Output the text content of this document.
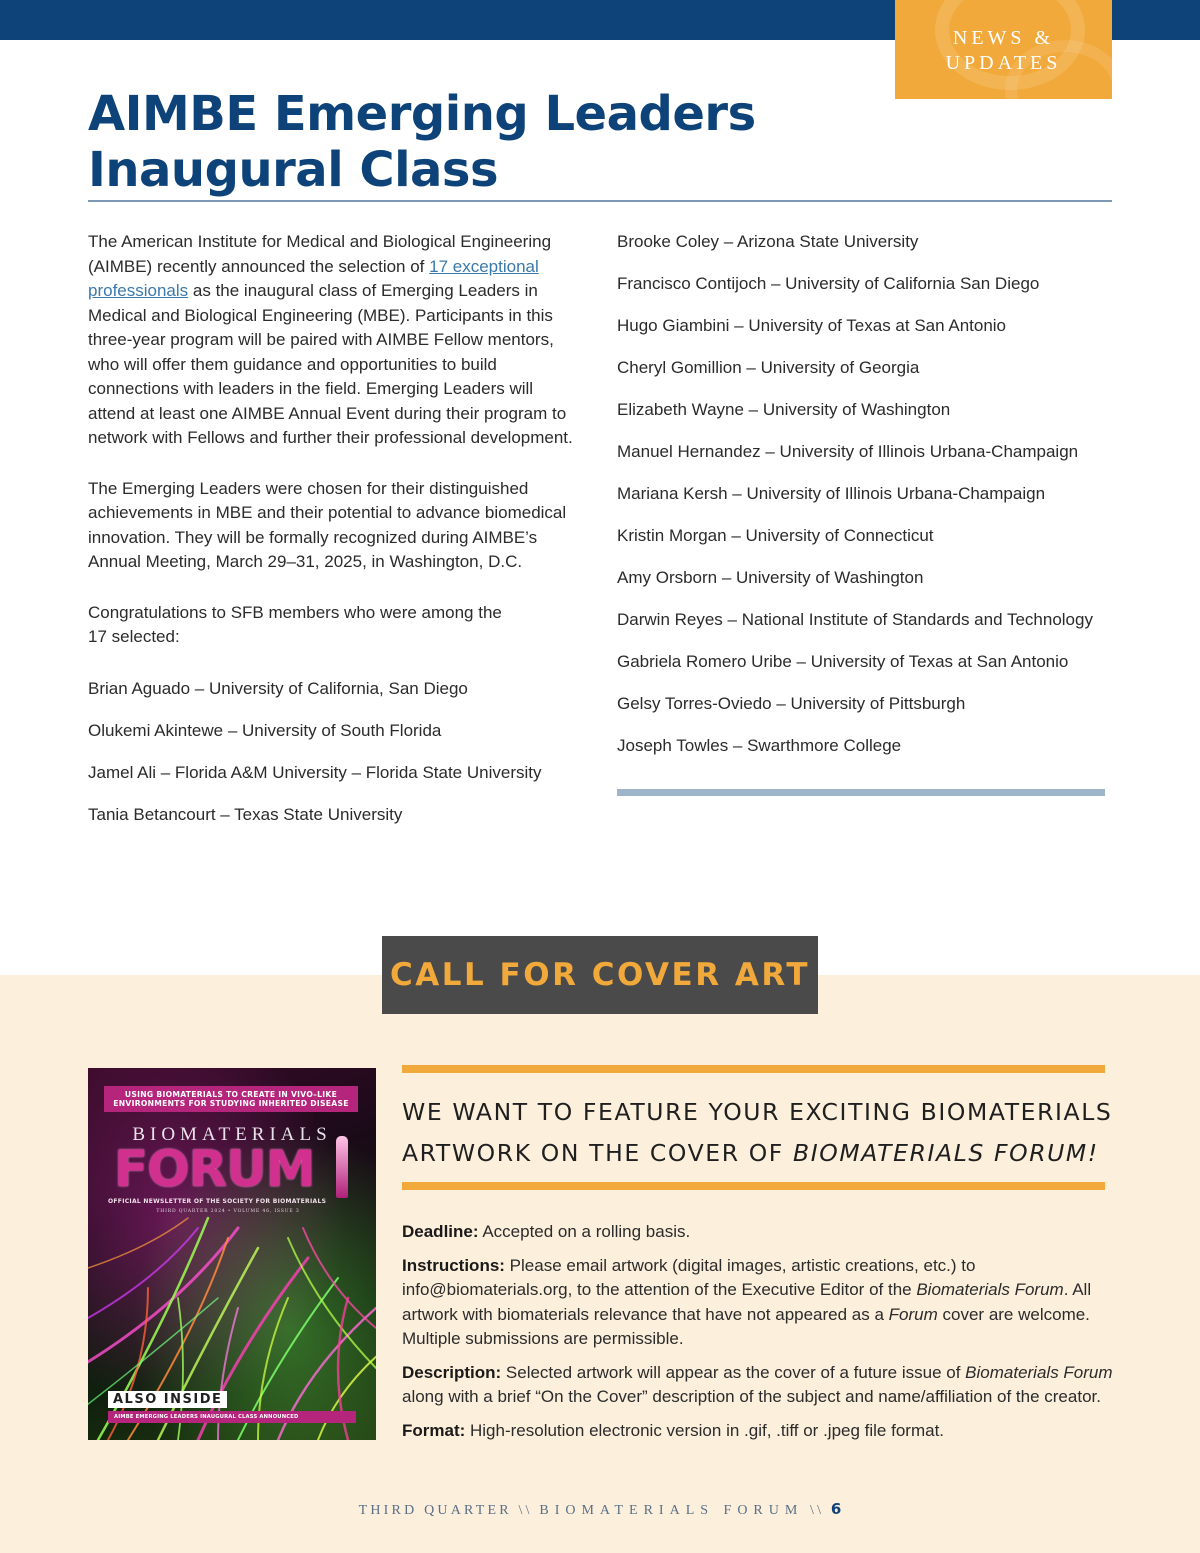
NEWS &
UPDATES
AIMBE Emerging Leaders
Inaugural Class

The American Institute for Medical and Biological Engineering (AIMBE) recently announced the selection of 17 exceptional professionals as the inaugural class of Emerging Leaders in Medical and Biological Engineering (MBE). Participants in this three-year program will be paired with AIMBE Fellow mentors, who will offer them guidance and opportunities to build connections with leaders in the field. Emerging Leaders will attend at least one AIMBE Annual Event during their program to network with Fellows and further their professional development.

The Emerging Leaders were chosen for their distinguished achievements in MBE and their potential to advance biomedical innovation. They will be formally recognized during AIMBE’s Annual Meeting, March 29–31, 2025, in Washington, D.C.

Congratulations to SFB members who were among the
17 selected:

Brian Aguado – University of California, San Diego
Olukemi Akintewe – University of South Florida
Jamel Ali – Florida A&M University – Florida State University
Tania Betancourt – Texas State University
Brooke Coley – Arizona State University
Francisco Contijoch – University of California San Diego
Hugo Giambini – University of Texas at San Antonio
Cheryl Gomillion – University of Georgia
Elizabeth Wayne – University of Washington
Manuel Hernandez – University of Illinois Urbana-Champaign
Mariana Kersh – University of Illinois Urbana-Champaign
Kristin Morgan – University of Connecticut
Amy Orsborn – University of Washington
Darwin Reyes – National Institute of Standards and Technology
Gabriela Romero Uribe – University of Texas at San Antonio
Gelsy Torres-Oviedo – University of Pittsburgh
Joseph Towles – Swarthmore College
CALL FOR COVER ART
USING BIOMATERIALS TO CREATE IN VIVO–LIKE
ENVIRONMENTS FOR STUDYING INHERITED DISEASE
BIOMATERIALS
FORUM
OFFICIAL NEWSLETTER OF THE SOCIETY FOR BIOMATERIALS
THIRD QUARTER 2024 • VOLUME 46, ISSUE 3
ALSO INSIDE
AIMBE EMERGING LEADERS INAUGURAL CLASS ANNOUNCED
WE WANT TO FEATURE YOUR EXCITING BIOMATERIALS
ARTWORK ON THE COVER OF BIOMATERIALS FORUM!

Deadline: Accepted on a rolling basis.

Instructions: Please email artwork (digital images, artistic creations, etc.) to info@biomaterials.org, to the attention of the Executive Editor of the Biomaterials Forum. All artwork with biomaterials relevance that have not appeared as a Forum cover are welcome. Multiple submissions are permissible.

Description: Selected artwork will appear as the cover of a future issue of Biomaterials Forum along with a brief “On the Cover” description of the subject and name/affiliation of the creator.

Format: High-resolution electronic version in .gif, .tiff or .jpeg file format.

THIRD QUARTER \\ BIOMATERIALS FORUM \\ 6
